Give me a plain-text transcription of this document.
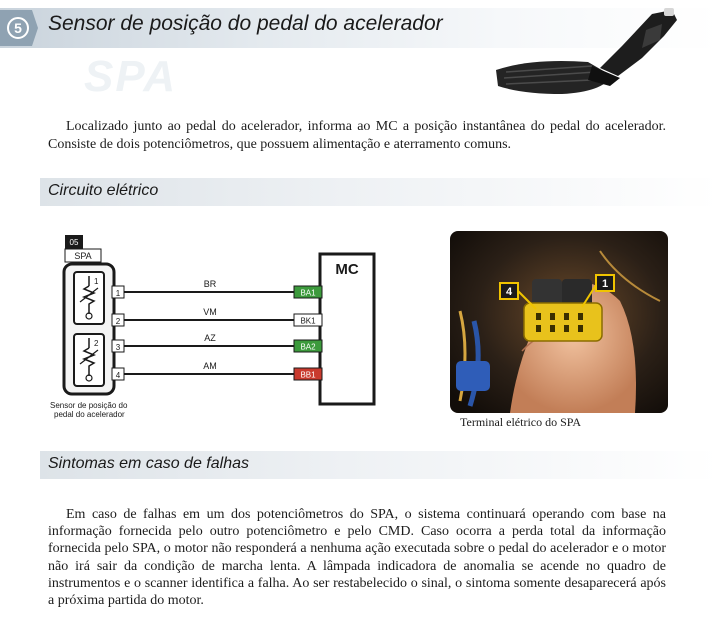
5 Sensor de posição do pedal do acelerador
SPA
Localizado junto ao pedal do acelerador, informa ao MC a posição instantânea do pedal do acelerador. Consiste de dois potenciômetros, que possuem alimentação e aterramento comuns.
Circuito elétrico
05
SPA
1
2
Sensor de posição do
pedal do acelerador
MC
1
BR
BA1
2
VM
BK1
3
AZ
BA2
4
AM
BB1
4
1
Terminal elétrico do SPA
Sintomas em caso de falhas
Em caso de falhas em um dos potenciômetros do SPA, o sistema continuará operando com base na informação fornecida pelo outro potenciômetro e pelo CMD. Caso ocorra a perda total da informação fornecida pelo SPA, o motor não responderá a nenhuma ação executada sobre o pedal do acelerador e o motor não irá sair da condição de marcha lenta. A lâmpada indicadora de anomalia se acende no quadro de instrumentos e o scanner identifica a falha. Ao ser restabelecido o sinal, o sintoma somente desaparecerá após a próxima partida do motor.
